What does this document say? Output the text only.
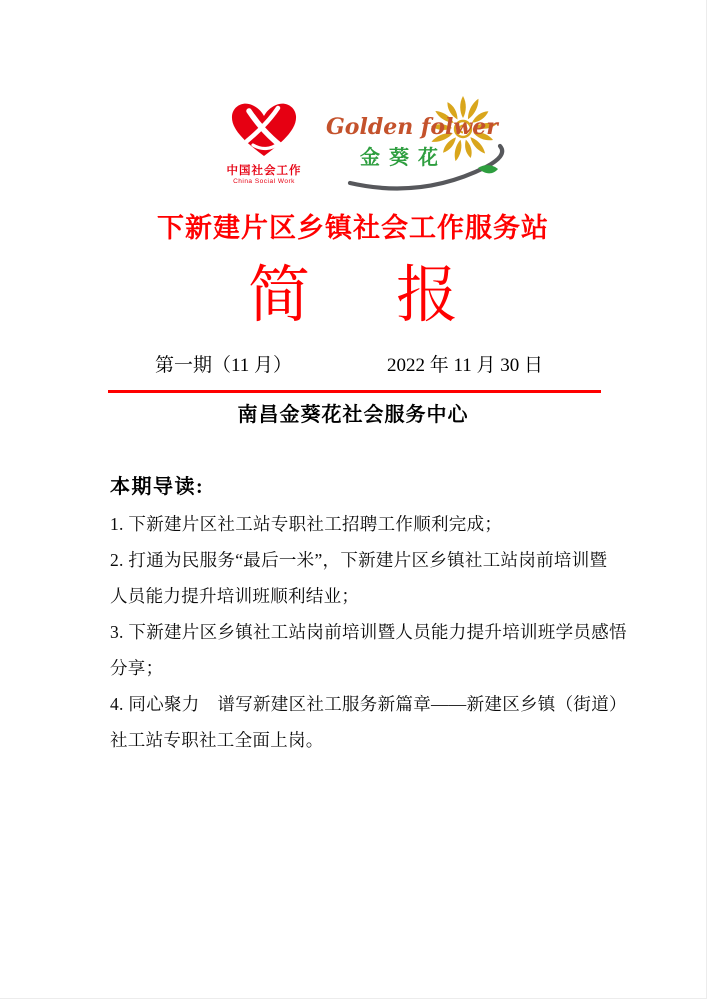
中国社会工作
China Social Work
Golden folwer
金葵花
下新建片区乡镇社会工作服务站
简 报
第一期（11 月）	2022 年 11 月 30 日
南昌金葵花社会服务中心
本期导读:
1. 下新建片区社工站专职社工招聘工作顺利完成；
2. 打通为民服务“最后一米”，下新建片区乡镇社工站岗前培训暨
人员能力提升培训班顺利结业；
3. 下新建片区乡镇社工站岗前培训暨人员能力提升培训班学员感悟
分享；
4. 同心聚力　谱写新建区社工服务新篇章——新建区乡镇（街道）
社工站专职社工全面上岗。
